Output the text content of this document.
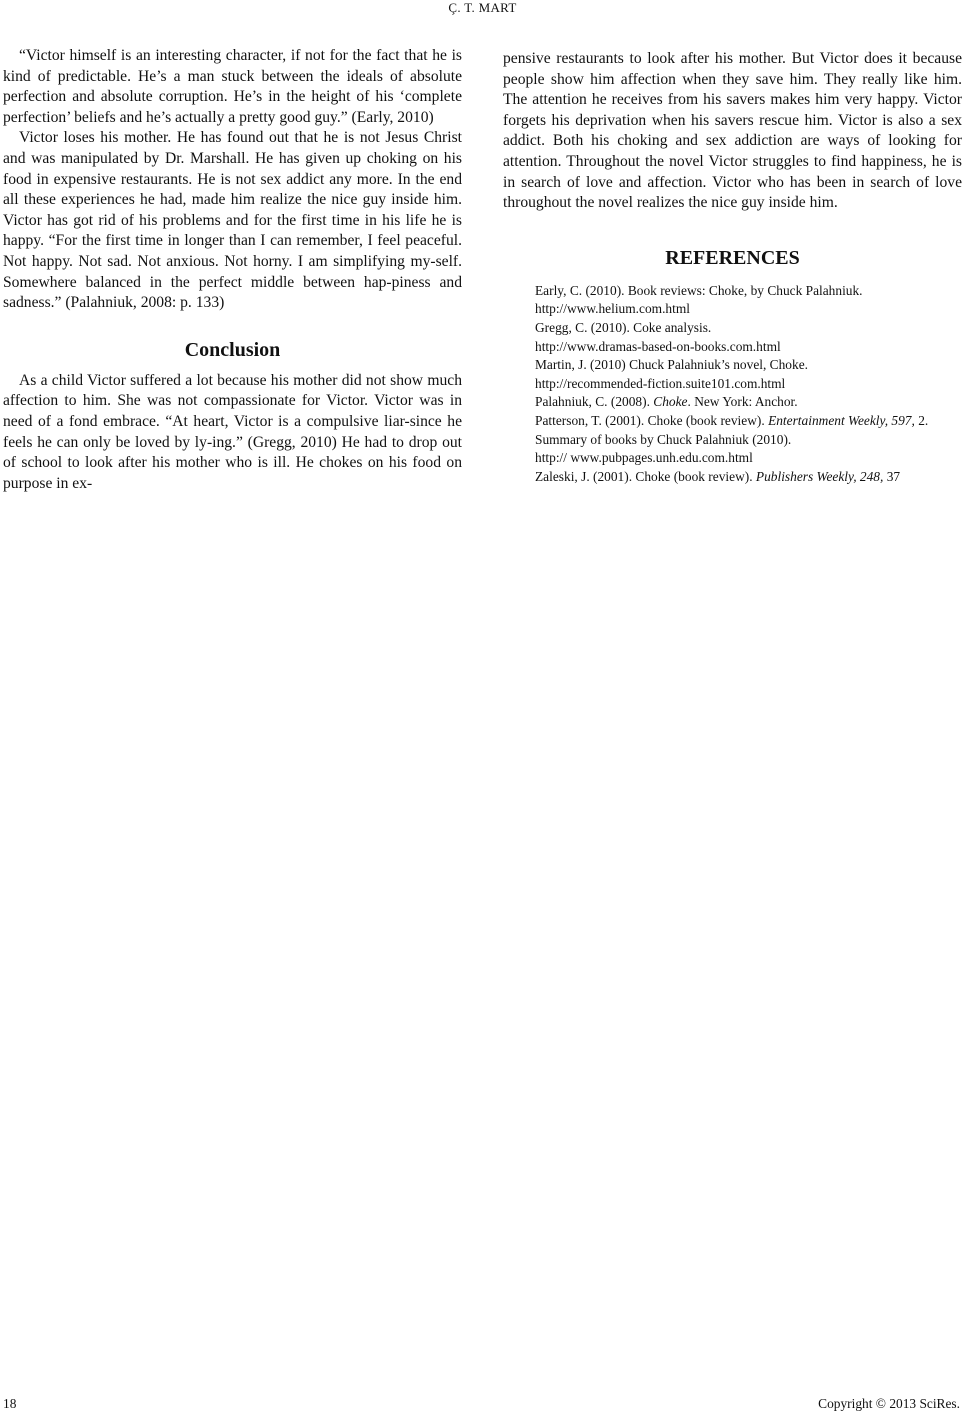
Ç. T. MART

“Victor himself is an interesting character, if not for the fact that he is kind of predictable. He’s a man stuck between the ideals of absolute perfection and absolute corruption. He’s in the height of his ‘complete perfection’ beliefs and he’s actually a pretty good guy.” (Early, 2010)

Victor loses his mother. He has found out that he is not Jesus Christ and was manipulated by Dr. Marshall. He has given up choking on his food in expensive restaurants. He is not sex addict any more. In the end all these experiences he had, made him realize the nice guy inside him. Victor has got rid of his problems and for the first time in his life he is happy. “For the first time in longer than I can remember, I feel peaceful. Not happy. Not sad. Not anxious. Not horny. I am simplifying my-self. Somewhere balanced in the perfect middle between hap-piness and sadness.” (Palahniuk, 2008: p. 133)

Conclusion

As a child Victor suffered a lot because his mother did not show much affection to him. She was not compassionate for Victor. Victor was in need of a fond embrace. “At heart, Victor is a compulsive liar-since he feels he can only be loved by ly-ing.” (Gregg, 2010) He had to drop out of school to look after his mother who is ill. He chokes on his food on purpose in ex-

pensive restaurants to look after his mother. But Victor does it because people show him affection when they save him. They really like him. The attention he receives from his savers makes him very happy. Victor forgets his deprivation when his savers rescue him. Victor is also a sex addict. Both his choking and sex addiction are ways of looking for attention. Throughout the novel Victor struggles to find happiness, he is in search of love and affection. Victor who has been in search of love throughout the novel realizes the nice guy inside him.

REFERENCES

Early, C. (2010). Book reviews: Choke, by Chuck Palahniuk.
http://www.helium.com.html

Gregg, C. (2010). Coke analysis.
http://www.dramas-based-on-books.com.html

Martin, J. (2010) Chuck Palahniuk’s novel, Choke.
http://recommended-fiction.suite101.com.html

Palahniuk, C. (2008). Choke. New York: Anchor.

Patterson, T. (2001). Choke (book review). Entertainment Weekly, 597, 2.

Summary of books by Chuck Palahniuk (2010).
http:// www.pubpages.unh.edu.com.html

Zaleski, J. (2001). Choke (book review). Publishers Weekly, 248, 37

18	Copyright © 2013 SciRes.
